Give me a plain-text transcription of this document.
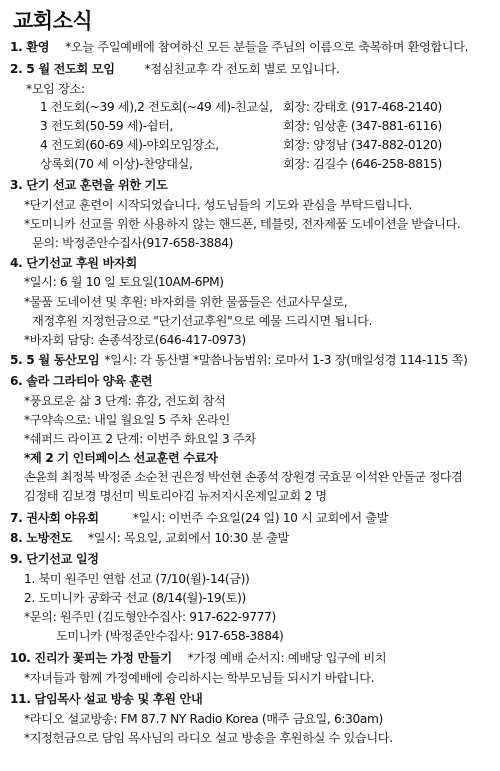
교회소식
1. 환영 *오늘 주일예배에 참여하신 모든 분들을 주님의 이름으로 축복하며 환영합니다.
2. 5 월 전도회 모임 *점심친교후 각 전도회 별로 모입니다.
*모임 장소:
1 전도회(~39 세),2 전도회(~49 세)-친교실, 회장: 강태호 (917-468-2140)
3 전도회(50-59 세)-쉼터,	회장: 임상훈 (347-881-6116)
4 전도회(60-69 세)-야외모임장소,	회장: 양정남 (347-882-0120)
상록회(70 세 이상)-찬양대실,	회장: 김길수 (646-258-8815)
3. 단기 선교 훈련을 위한 기도
*단기선교 훈련이 시작되었습니다. 성도님들의 기도와 관심을 부탁드립니다.
*도미니카 선교를 위한 사용하지 않는 핸드폰, 테블릿, 전자제품 도네이션을 받습니다.
문의: 박정준안수집사(917-658-3884)
4. 단기선교 후원 바자회
*일시: 6 월 10 일 토요일(10AM-6PM)
*물품 도네이션 및 후원: 바자회를 위한 물품들은 선교사무실로,
재정후원 지정헌금으로 "단기선교후원"으로 예물 드리시면 됩니다.
*바자회 담당: 손종석장로(646-417-0973)
5. 5 월 동산모임 *일시: 각 동산별 *말씀나눔범위: 로마서 1-3 장(매일성경 114-115 쪽)
6. 솔라 그라티아 양육 훈련
*풍요로운 삶 3 단계: 휴강, 전도회 참석
*구약속으로: 내일 월요일 5 주차 온라인
*쉐퍼드 라이프 2 단계: 이번주 화요일 3 주차
*제 2 기 인터페이스 선교훈련 수료자
손윤희 최정복 박정준 소순천 권은정 박선현 손종석 장원경 국효문 이석완 안돌군 정다겸
김정태 김보경 명선미 빅토리아김 뉴저지시온제일교회 2 명
7. 권사회 야유회	*일시: 이번주 수요일(24 일) 10 시 교회에서 출발
8. 노방전도 *일시: 목요일, 교회에서 10:30 분 출발
9. 단기선교 일정
1. 북미 원주민 연합 선교 (7/10(월)-14(금))
2. 도미니카 공화국 선교 (8/14(월)-19(토))
*문의: 원주민 (김도형안수집사: 917-622-9777)
도미니카 (박정준안수집사: 917-658-3884)
10. 진리가 꽃피는 가정 만들기 *가정 예배 순서지: 예배당 입구에 비치
*자녀들과 함께 가정예배에 승리하시는 학부모님들 되시기 바랍니다.
11. 담임목사 설교 방송 및 후원 안내
*라디오 설교방송: FM 87.7 NY Radio Korea (매주 금요일, 6:30am)
*지정헌금으로 담임 목사님의 라디오 설교 방송을 후원하실 수 있습니다.
